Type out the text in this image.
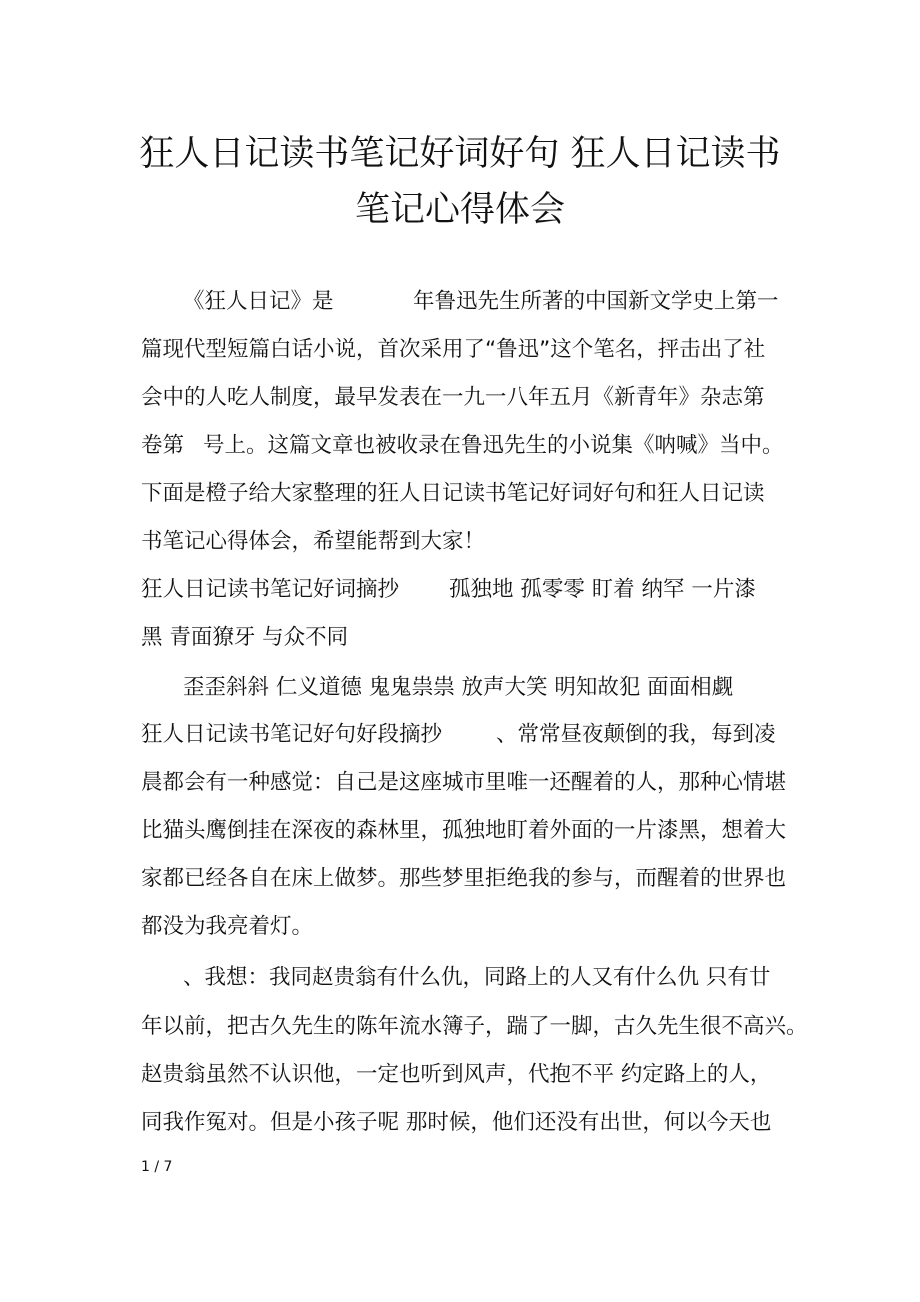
狂人日记读书笔记好词好句 狂人日记读书
笔记心得体会
《狂人日记》是	年鲁迅先生所著的中国新文学史上第一
篇现代型短篇白话小说，首次采用了“鲁迅”这个笔名，抨击出了社
会中的人吃人制度，最早发表在一九一八年五月《新青年》杂志第
卷第 号上。这篇文章也被收录在鲁迅先生的小说集《呐喊》当中。
下面是橙子给大家整理的狂人日记读书笔记好词好句和狂人日记读
书笔记心得体会，希望能帮到大家！
狂人日记读书笔记好词摘抄 孤独地 孤零零 盯着 纳罕 一片漆
黑 青面獠牙 与众不同
歪歪斜斜 仁义道德 鬼鬼祟祟 放声大笑 明知故犯 面面相觑
狂人日记读书笔记好句好段摘抄	、常常昼夜颠倒的我，每到凌
晨都会有一种感觉：自己是这座城市里唯一还醒着的人，那种心情堪
比猫头鹰倒挂在深夜的森林里，孤独地盯着外面的一片漆黑，想着大
家都已经各自在床上做梦。那些梦里拒绝我的参与，而醒着的世界也
都没为我亮着灯。
、我想：我同赵贵翁有什么仇，同路上的人又有什么仇 只有廿
年以前，把古久先生的陈年流水簿子，踹了一脚，古久先生很不高兴。
赵贵翁虽然不认识他，一定也听到风声，代抱不平 约定路上的人，
同我作冤对。但是小孩子呢 那时候，他们还没有出世，何以今天也
1 / 7
